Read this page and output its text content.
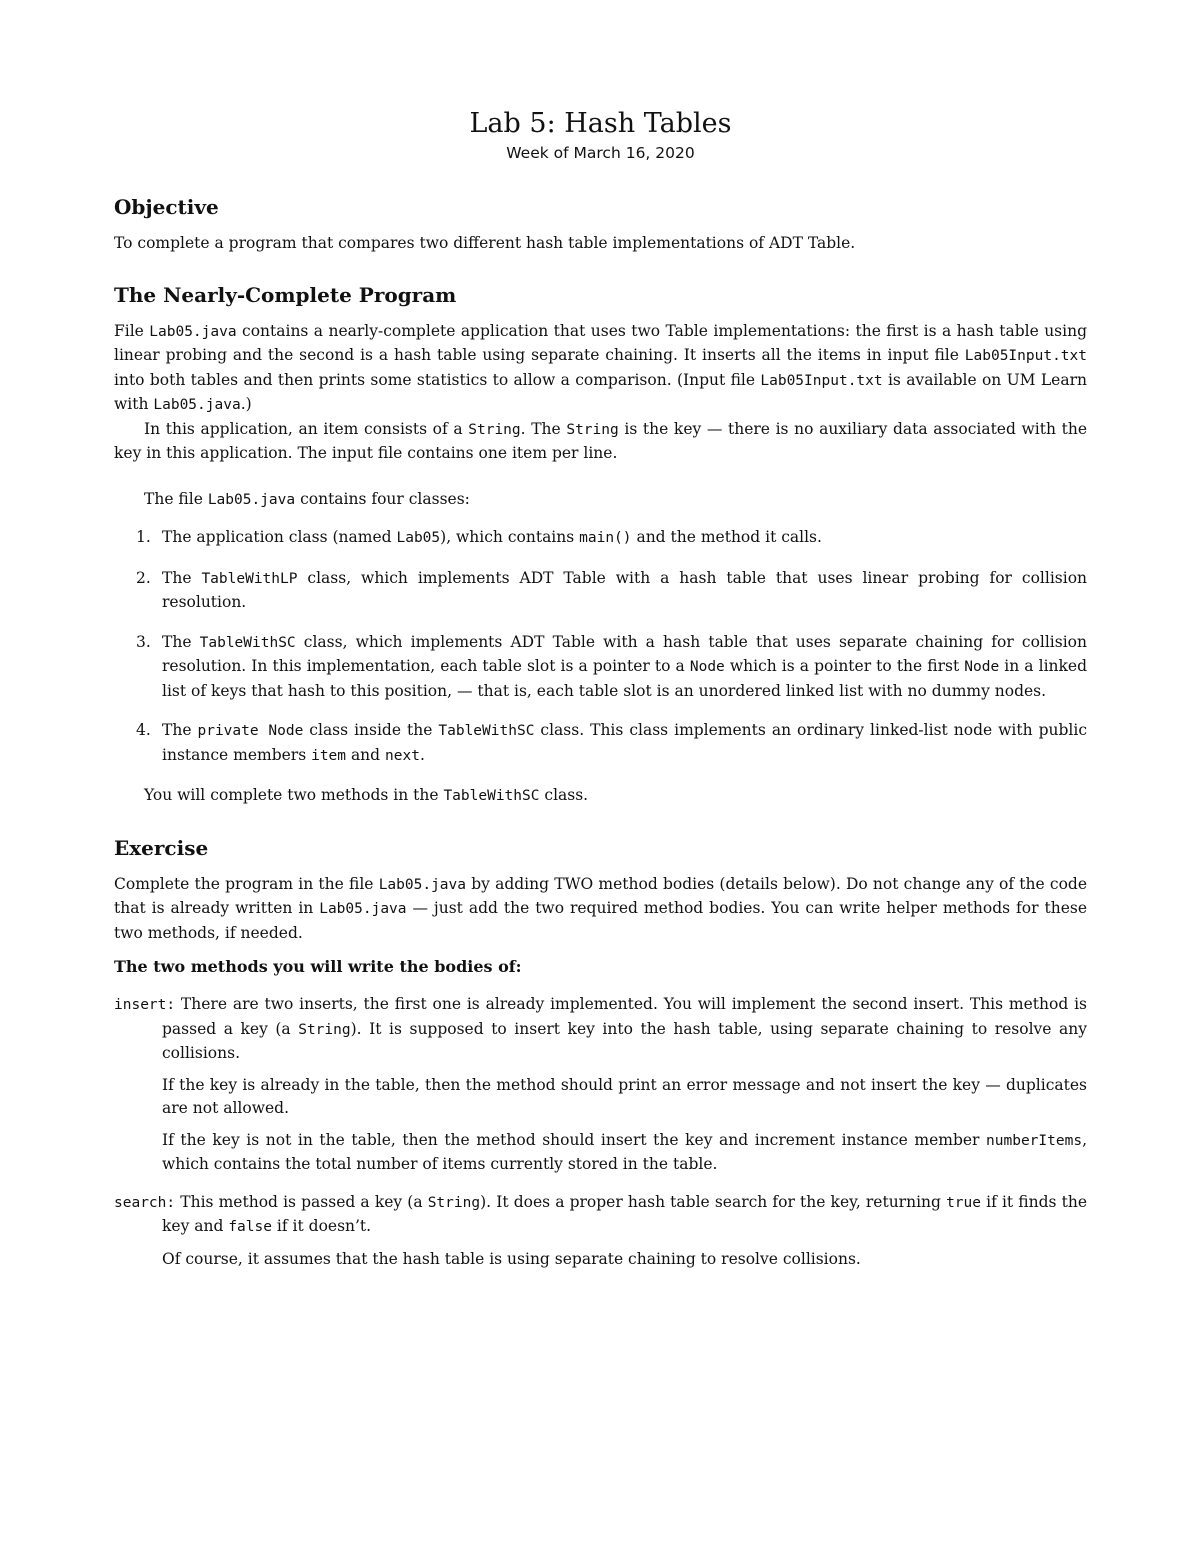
Lab 5: Hash Tables
Week of March 16, 2020
Objective

To complete a program that compares two different hash table implementations of ADT Table.

The Nearly-Complete Program

File Lab05.java contains a nearly-complete application that uses two Table implementations: the first is a hash table using linear probing and the second is a hash table using separate chaining. It inserts all the items in input file Lab05Input.txt into both tables and then prints some statistics to allow a comparison. (Input file Lab05Input.txt is available on UM Learn with Lab05.java.)

In this application, an item consists of a String. The String is the key — there is no auxiliary data associated with the key in this application. The input file contains one item per line.

The file Lab05.java contains four classes:

1. The application class (named Lab05), which contains main() and the method it calls.
2. The TableWithLP class, which implements ADT Table with a hash table that uses linear probing for collision resolution.
3. The TableWithSC class, which implements ADT Table with a hash table that uses separate chaining for collision resolution. In this implementation, each table slot is a pointer to a Node which is a pointer to the first Node in a linked list of keys that hash to this position, — that is, each table slot is an unordered linked list with no dummy nodes.
4. The private Node class inside the TableWithSC class. This class implements an ordinary linked-list node with public instance members item and next.

You will complete two methods in the TableWithSC class.

Exercise

Complete the program in the file Lab05.java by adding TWO method bodies (details below). Do not change any of the code that is already written in Lab05.java — just add the two required method bodies. You can write helper methods for these two methods, if needed.

The two methods you will write the bodies of:
insert: There are two inserts, the first one is already implemented. You will implement the second insert. This method is passed a key (a String). It is supposed to insert key into the hash table, using separate chaining to resolve any collisions.
If the key is already in the table, then the method should print an error message and not insert the key — duplicates are not allowed.
If the key is not in the table, then the method should insert the key and increment instance member numberItems, which contains the total number of items currently stored in the table.
search: This method is passed a key (a String). It does a proper hash table search for the key, returning true if it finds the key and false if it doesn’t.
Of course, it assumes that the hash table is using separate chaining to resolve collisions.
